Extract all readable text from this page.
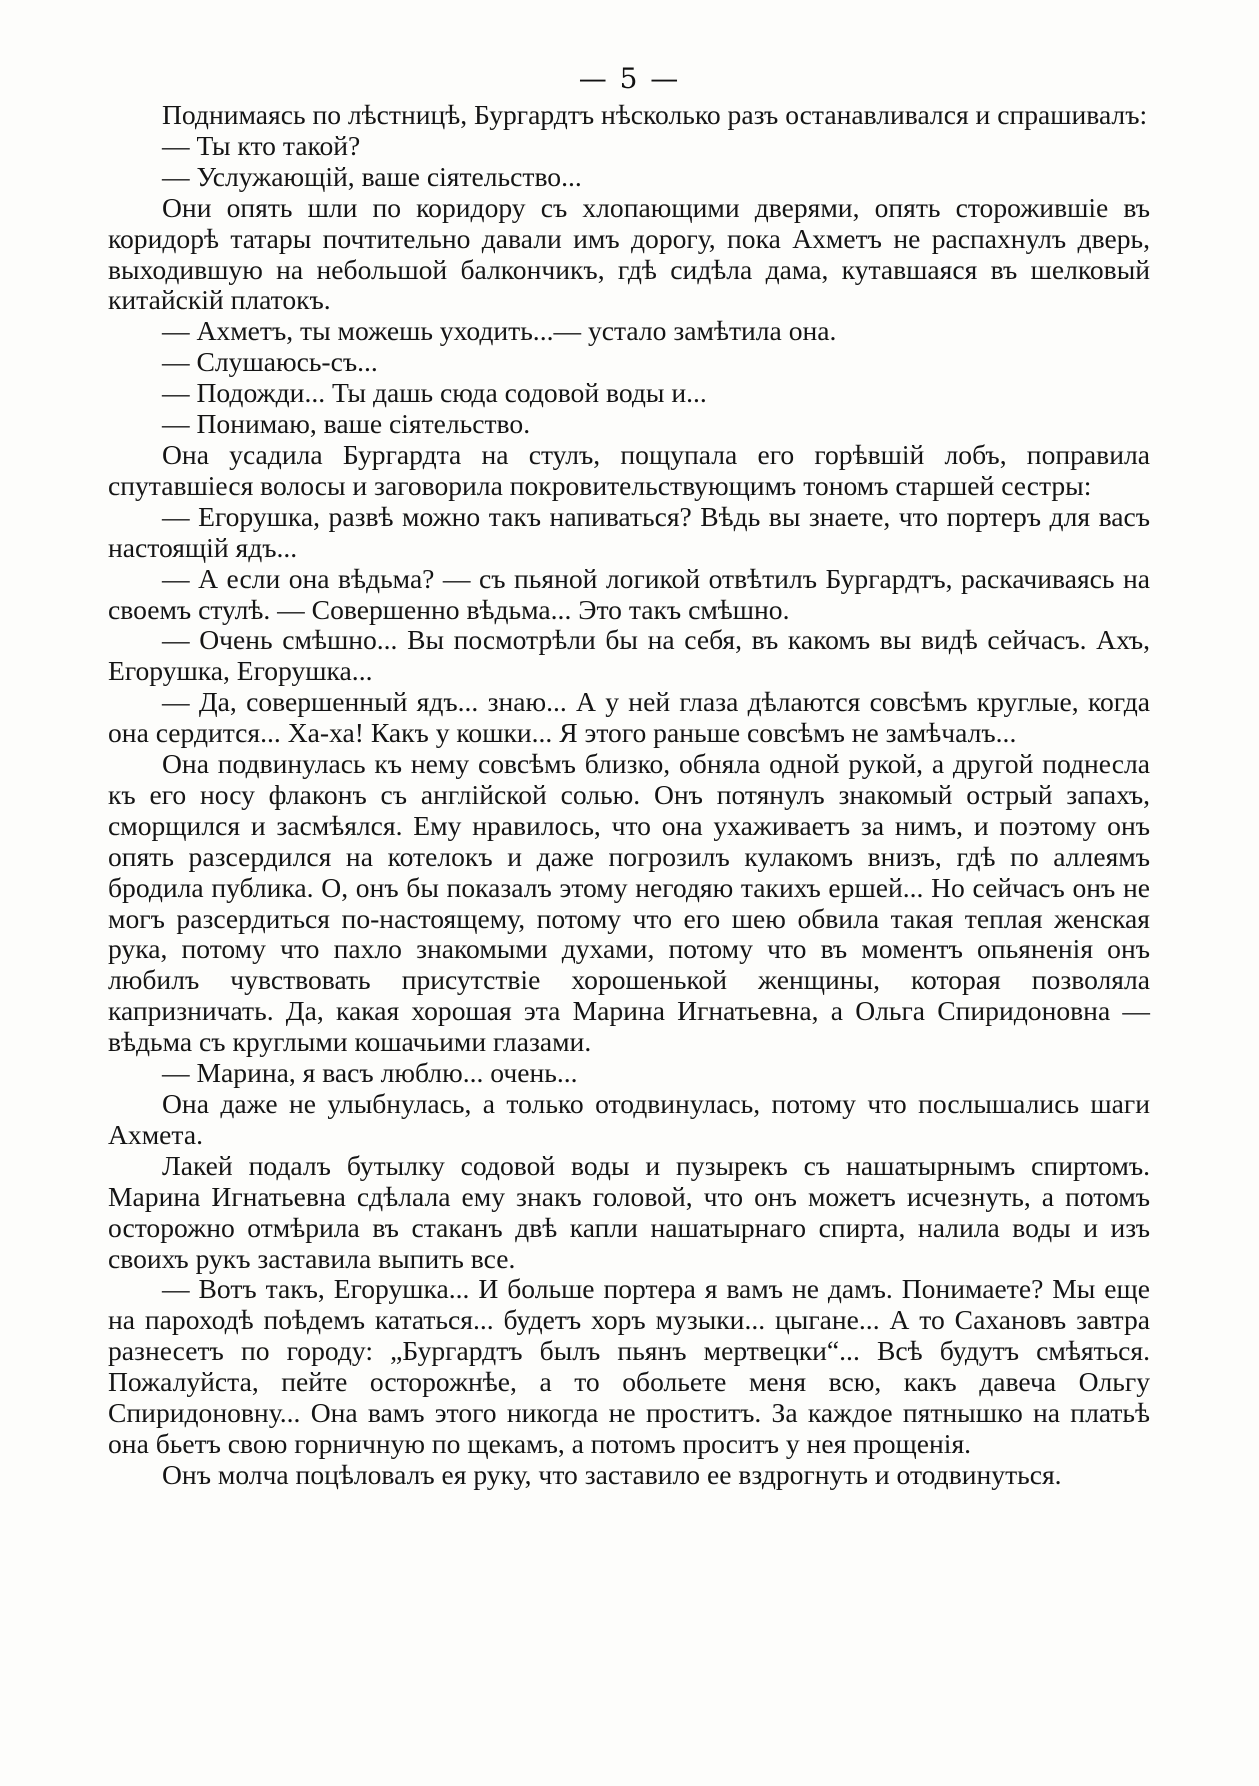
— 5 —

Поднимаясь по лѣстницѣ, Бургардтъ нѣсколько разъ останавливался и спрашивалъ:

— Ты кто такой?

— Услужающій, ваше сіятельство...

Они опять шли по коридору съ хлопающими дверями, опять сторожившіе въ коридорѣ татары почтительно давали имъ дорогу, пока Ахметъ не распахнулъ дверь, выходившую на небольшой балкончикъ, гдѣ сидѣла дама, кутавшаяся въ шелковый китайскій платокъ.

— Ахметъ, ты можешь уходить...— устало замѣтила она.

— Слушаюсь-съ...

— Подожди... Ты дашь сюда содовой воды и...

— Понимаю, ваше сіятельство.

Она усадила Бургардта на стулъ, пощупала его горѣвшій лобъ, поправила спутавшіеся волосы и заговорила покровительствующимъ тономъ старшей сестры:

— Егорушка, развѣ можно такъ напиваться? Вѣдь вы знаете, что портеръ для васъ настоящій ядъ...

— А если она вѣдьма? — съ пьяной логикой отвѣтилъ Бургардтъ, раскачиваясь на своемъ стулѣ. — Совершенно вѣдьма... Это такъ смѣшно.

— Очень смѣшно... Вы посмотрѣли бы на себя, въ какомъ вы видѣ сейчасъ. Ахъ, Егорушка, Егорушка...

— Да, совершенный ядъ... знаю... А у ней глаза дѣлаются совсѣмъ круглые, когда она сердится... Ха-ха! Какъ у кошки... Я этого раньше совсѣмъ не замѣчалъ...

Она подвинулась къ нему совсѣмъ близко, обняла одной рукой, а другой поднесла къ его носу флаконъ съ англійской солью. Онъ потянулъ знакомый острый запахъ, сморщился и засмѣялся. Ему нравилось, что она ухаживаетъ за нимъ, и поэтому онъ опять разсердился на котелокъ и даже погрозилъ кулакомъ внизъ, гдѣ по аллеямъ бродила публика. О, онъ бы показалъ этому негодяю такихъ ершей... Но сейчасъ онъ не могъ разсердиться по-настоящему, потому что его шею обвила такая теплая женская рука, потому что пахло знакомыми духами, потому что въ моментъ опьяненія онъ любилъ чувствовать присутствіе хорошенькой женщины, которая позволяла капризничать. Да, какая хорошая эта Марина Игнатьевна, а Ольга Спиридоновна — вѣдьма съ круглыми кошачьими глазами.

— Марина, я васъ люблю... очень...

Она даже не улыбнулась, а только отодвинулась, потому что послышались шаги Ахмета.

Лакей подалъ бутылку содовой воды и пузырекъ съ нашатырнымъ спиртомъ. Марина Игнатьевна сдѣлала ему знакъ головой, что онъ можетъ исчезнуть, а потомъ осторожно отмѣрила въ стаканъ двѣ капли нашатырнаго спирта, налила воды и изъ своихъ рукъ заставила выпить все.

— Вотъ такъ, Егорушка... И больше портера я вамъ не дамъ. Понимаете? Мы еще на пароходѣ поѣдемъ кататься... будетъ хоръ музыки... цыгане... А то Сахановъ завтра разнесетъ по городу: „Бургардтъ былъ пьянъ мертвецки“... Всѣ будутъ смѣяться. Пожалуйста, пейте осторожнѣе, а то обольете меня всю, какъ давеча Ольгу Спиридоновну... Она вамъ этого никогда не проститъ. За каждое пятнышко на платьѣ она бьетъ свою горничную по щекамъ, а потомъ проситъ у нея прощенія.

Онъ молча поцѣловалъ ея руку, что заставило ее вздрогнуть и отодвинуться.
